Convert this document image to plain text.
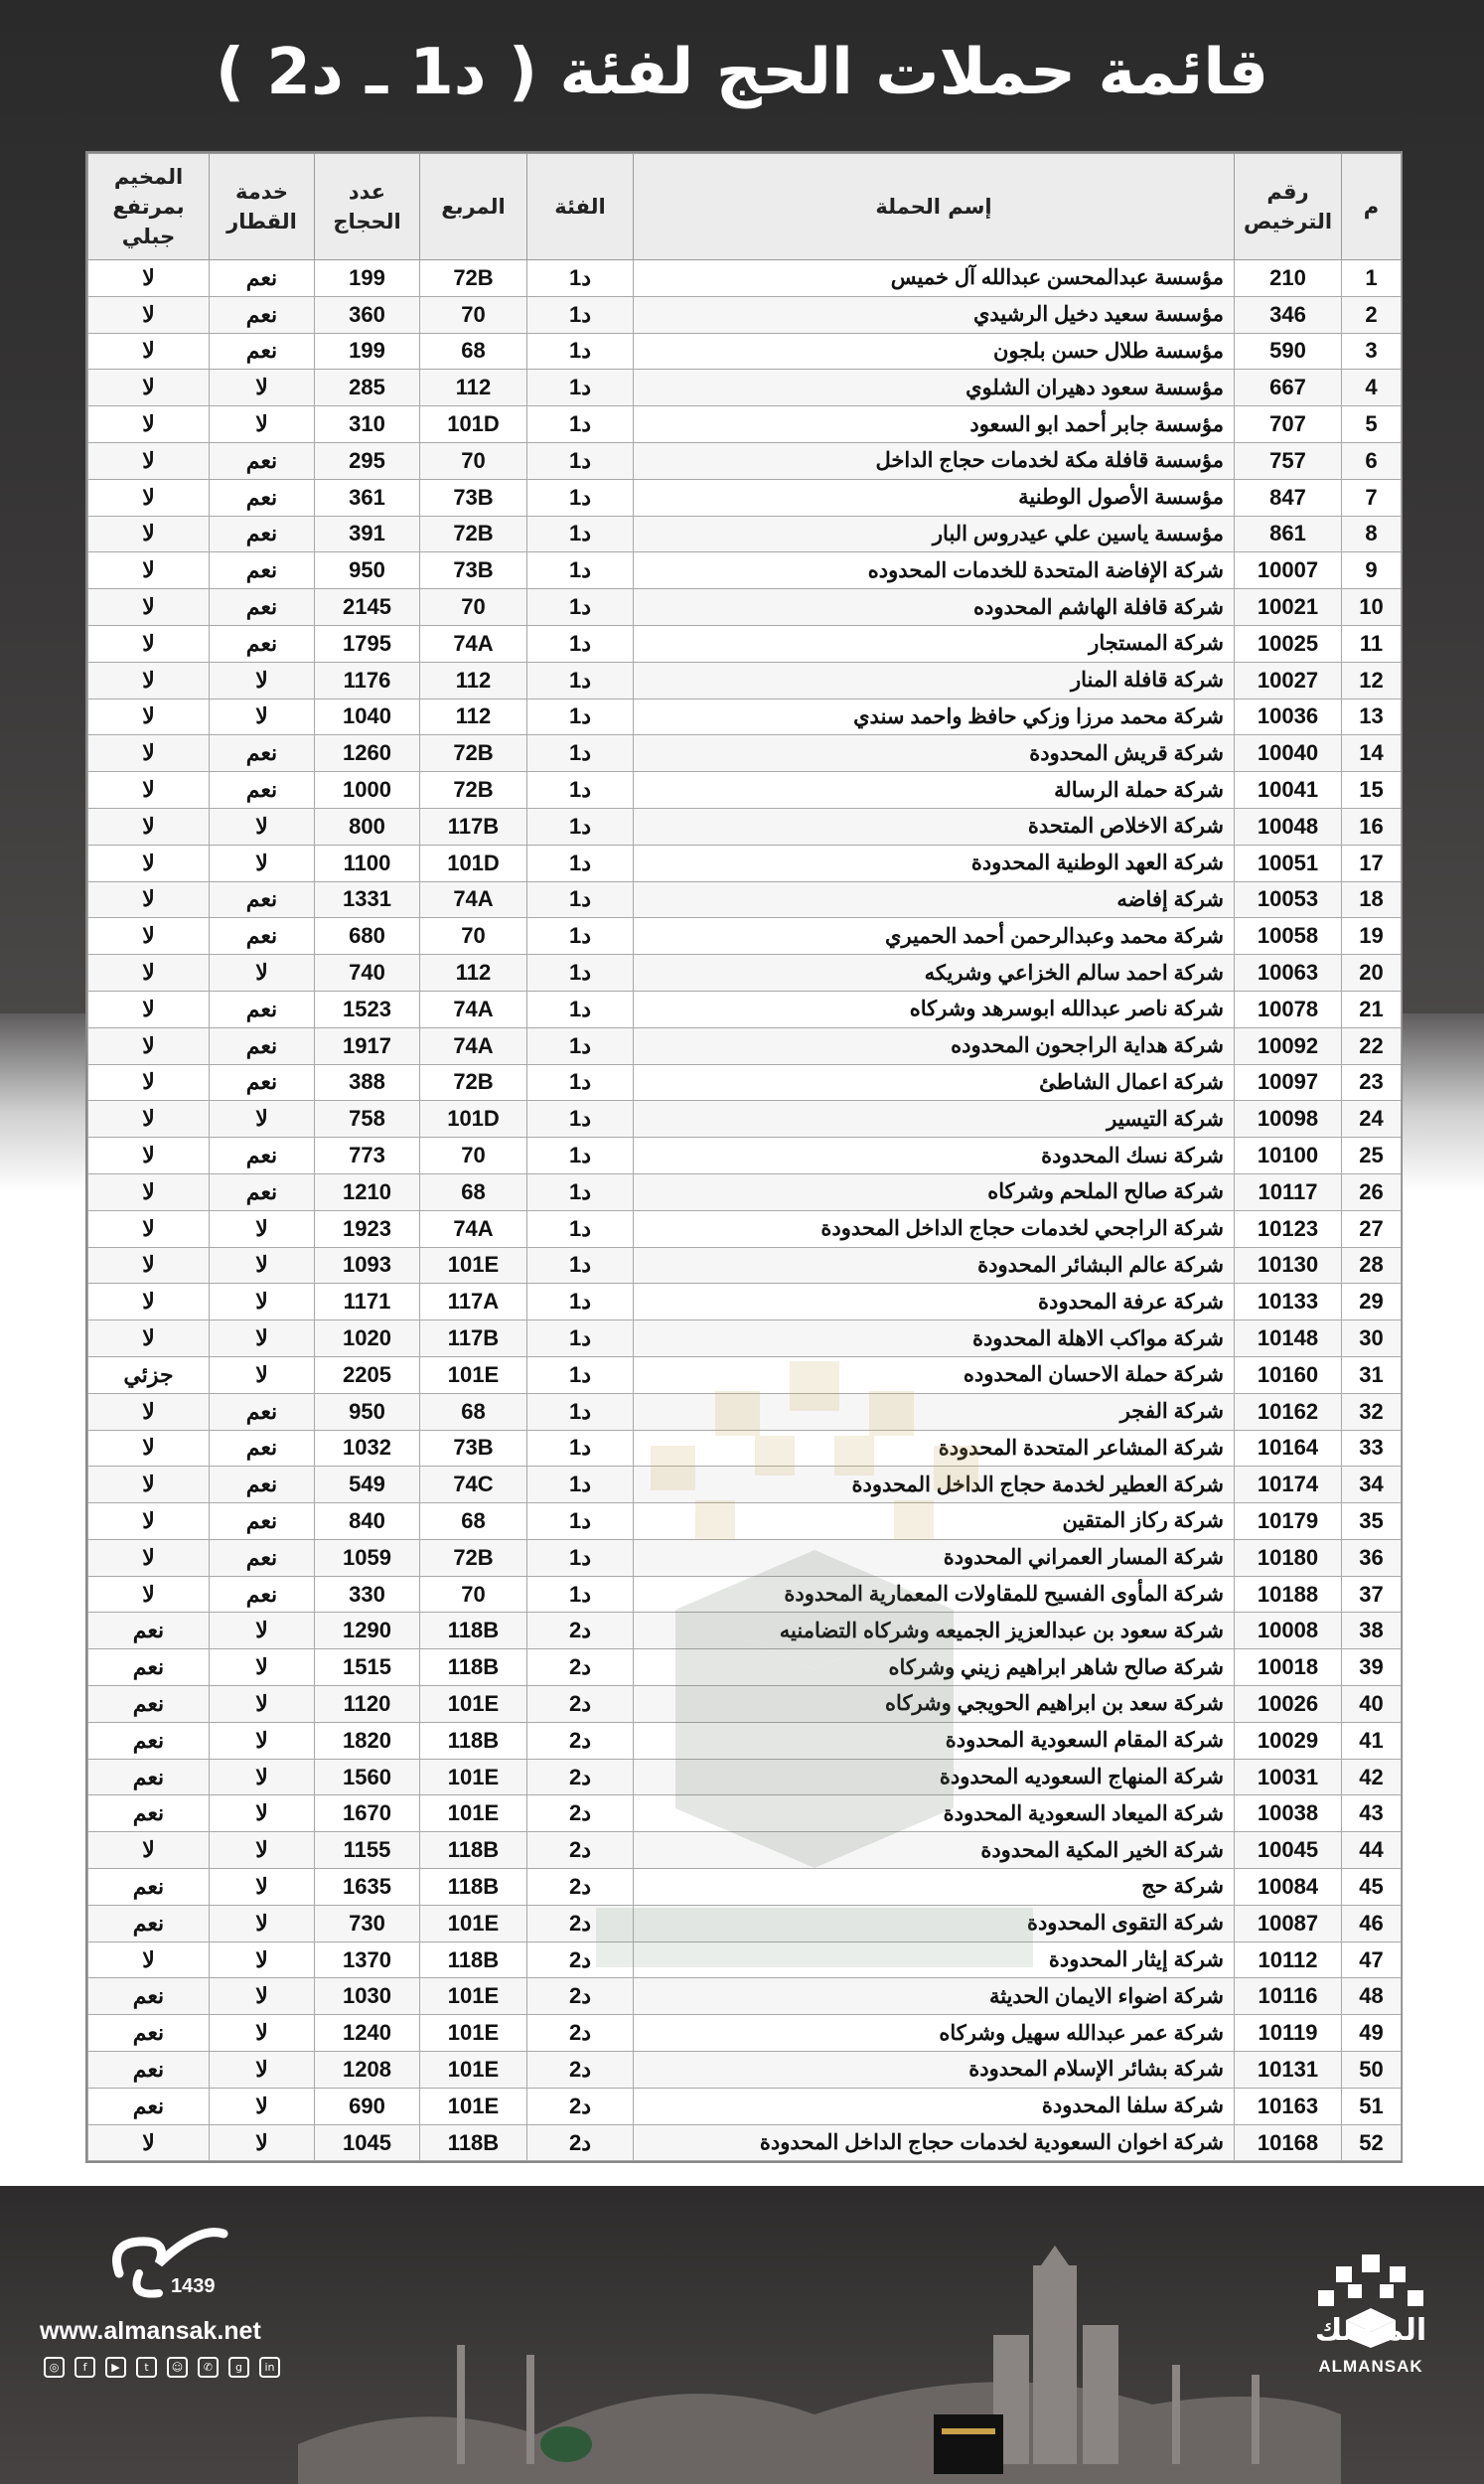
قائمة حملات الحج لفئة ( د1 ـ د2 )
م	رقم الترخيص	إسم الحملة	الفئة	المربع	عدد الحجاج	خدمة القطار	المخيم بمرتفع جبلي
1	210	مؤسسة عبدالمحسن عبدالله آل خميس	د1	72B	199	نعم	لا
2	346	مؤسسة سعيد دخيل الرشيدي	د1	70	360	نعم	لا
3	590	مؤسسة طلال حسن بلجون	د1	68	199	نعم	لا
4	667	مؤسسة سعود دهيران الشلوي	د1	112	285	لا	لا
5	707	مؤسسة جابر أحمد ابو السعود	د1	101D	310	لا	لا
6	757	مؤسسة قافلة مكة لخدمات حجاج الداخل	د1	70	295	نعم	لا
7	847	مؤسسة الأصول الوطنية	د1	73B	361	نعم	لا
8	861	مؤسسة ياسين علي عيدروس البار	د1	72B	391	نعم	لا
9	10007	شركة الإفاضة المتحدة للخدمات المحدوده	د1	73B	950	نعم	لا
10	10021	شركة قافلة الهاشم المحدوده	د1	70	2145	نعم	لا
11	10025	شركة المستجار	د1	74A	1795	نعم	لا
12	10027	شركة قافلة المنار	د1	112	1176	لا	لا
13	10036	شركة محمد مرزا وزكي حافظ واحمد سندي	د1	112	1040	لا	لا
14	10040	شركة قريش المحدودة	د1	72B	1260	نعم	لا
15	10041	شركة حملة الرسالة	د1	72B	1000	نعم	لا
16	10048	شركة الاخلاص المتحدة	د1	117B	800	لا	لا
17	10051	شركة العهد الوطنية المحدودة	د1	101D	1100	لا	لا
18	10053	شركة إفاضه	د1	74A	1331	نعم	لا
19	10058	شركة محمد وعبدالرحمن أحمد الحميري	د1	70	680	نعم	لا
20	10063	شركة احمد سالم الخزاعي وشريكه	د1	112	740	لا	لا
21	10078	شركة ناصر عبدالله ابوسرهد وشركاه	د1	74A	1523	نعم	لا
22	10092	شركة هداية الراجحون المحدوده	د1	74A	1917	نعم	لا
23	10097	شركة اعمال الشاطئ	د1	72B	388	نعم	لا
24	10098	شركة التيسير	د1	101D	758	لا	لا
25	10100	شركة نسك المحدودة	د1	70	773	نعم	لا
26	10117	شركة صالح الملحم وشركاه	د1	68	1210	نعم	لا
27	10123	شركة الراجحي لخدمات حجاج الداخل المحدودة	د1	74A	1923	لا	لا
28	10130	شركة عالم البشائر المحدودة	د1	101E	1093	لا	لا
29	10133	شركة عرفة المحدودة	د1	117A	1171	لا	لا
30	10148	شركة مواكب الاهلة المحدودة	د1	117B	1020	لا	لا
31	10160	شركة حملة الاحسان المحدوده	د1	101E	2205	لا	جزئي
32	10162	شركة الفجر	د1	68	950	نعم	لا
33	10164	شركة المشاعر المتحدة المحدودة	د1	73B	1032	نعم	لا
34	10174	شركة العطير لخدمة حجاج الداخل المحدودة	د1	74C	549	نعم	لا
35	10179	شركة ركاز المتقين	د1	68	840	نعم	لا
36	10180	شركة المسار العمراني المحدودة	د1	72B	1059	نعم	لا
37	10188	شركة المأوى الفسيح للمقاولات المعمارية المحدودة	د1	70	330	نعم	لا
38	10008	شركة سعود بن عبدالعزيز الجميعه وشركاه التضامنيه	د2	118B	1290	لا	نعم
39	10018	شركة صالح شاهر ابراهيم زيني وشركاه	د2	118B	1515	لا	نعم
40	10026	شركة سعد بن ابراهيم الحويجي وشركاه	د2	101E	1120	لا	نعم
41	10029	شركة المقام السعودية المحدودة	د2	118B	1820	لا	نعم
42	10031	شركة المنهاج السعوديه المحدودة	د2	101E	1560	لا	نعم
43	10038	شركة الميعاد السعودية المحدودة	د2	101E	1670	لا	نعم
44	10045	شركة الخير المكية المحدودة	د2	118B	1155	لا	لا
45	10084	شركة حج	د2	118B	1635	لا	نعم
46	10087	شركة التقوى المحدودة	د2	101E	730	لا	نعم
47	10112	شركة إيثار المحدودة	د2	118B	1370	لا	لا
48	10116	شركة اضواء الايمان الحديثة	د2	101E	1030	لا	نعم
49	10119	شركة عمر عبدالله سهيل وشركاه	د2	101E	1240	لا	نعم
50	10131	شركة بشائر الإسلام المحدودة	د2	101E	1208	لا	نعم
51	10163	شركة سلفا المحدودة	د2	101E	690	لا	نعم
52	10168	شركة اخوان السعودية لخدمات حجاج الداخل المحدودة	د2	118B	1045	لا	لا
1439
www.almansak.net
◎	f	▶	t	☺	✆	g	in
المنسك
ALMANSAK
